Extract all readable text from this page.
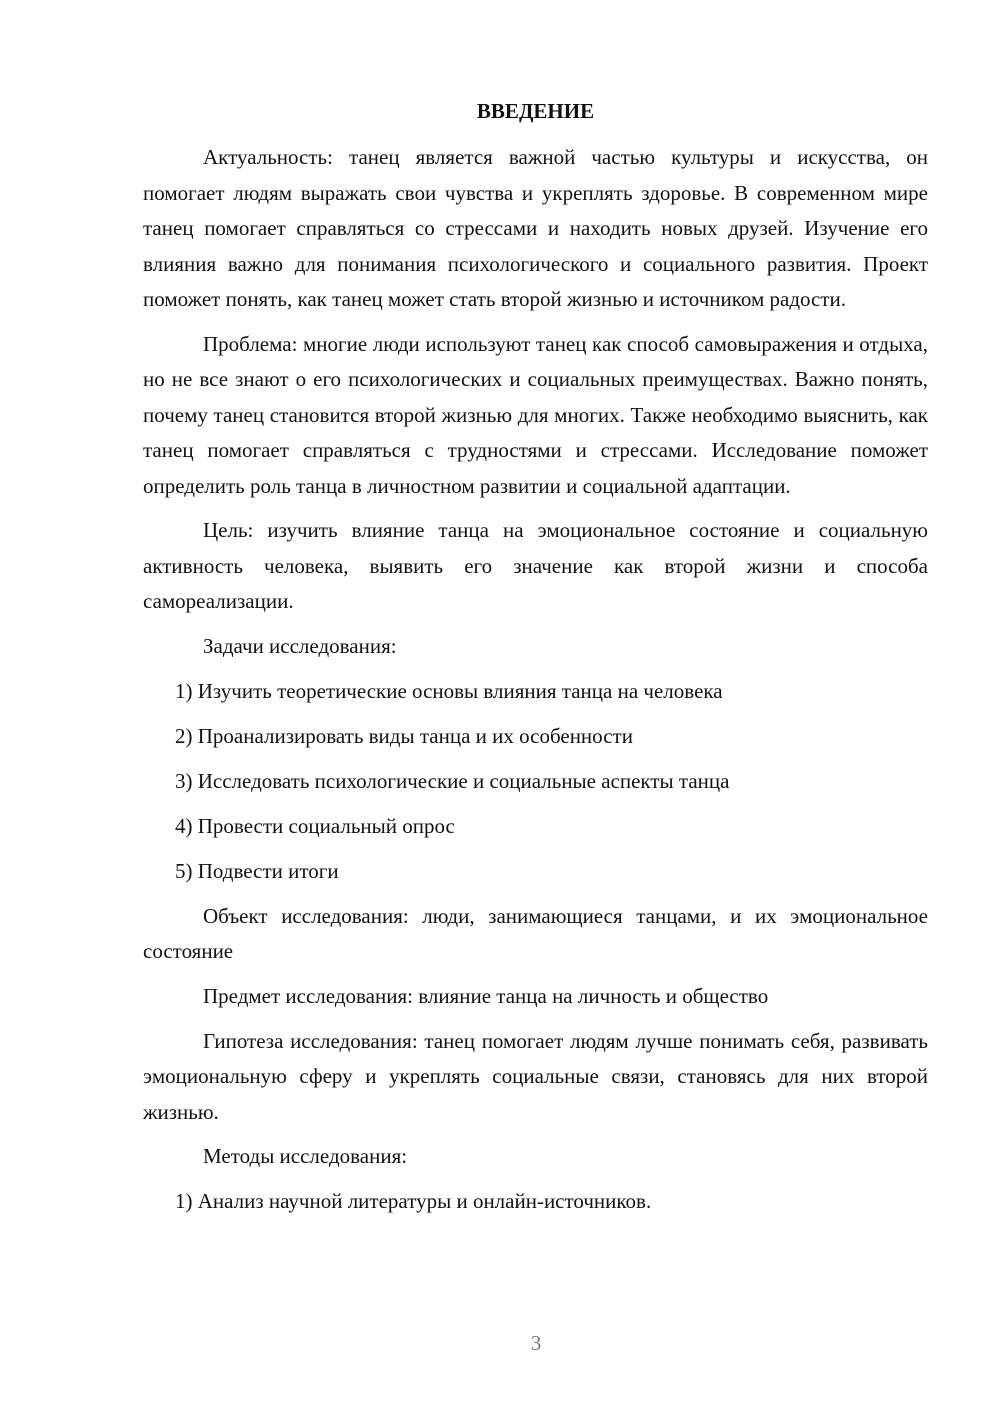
ВВЕДЕНИЕ

Актуальность: танец является важной частью культуры и искусства, он помогает людям выражать свои чувства и укреплять здоровье. В современном мире танец помогает справляться со стрессами и находить новых друзей. Изучение его влияния важно для понимания психологического и социального развития. Проект поможет понять, как танец может стать второй жизнью и источником радости.

Проблема: многие люди используют танец как способ самовыражения и отдыха, но не все знают о его психологических и социальных преимуществах. Важно понять, почему танец становится второй жизнью для многих. Также необходимо выяснить, как танец помогает справляться с трудностями и стрессами. Исследование поможет определить роль танца в личностном развитии и социальной адаптации.

Цель: изучить влияние танца на эмоциональное состояние и социальную активность человека, выявить его значение как второй жизни и способа самореализации.

Задачи исследования:

1) Изучить теоретические основы влияния танца на человека

2) Проанализировать виды танца и их особенности

3) Исследовать психологические и социальные аспекты танца

4) Провести социальный опрос

5) Подвести итоги

Объект исследования: люди, занимающиеся танцами, и их эмоциональное состояние

Предмет исследования: влияние танца на личность и общество

Гипотеза исследования: танец помогает людям лучше понимать себя, развивать эмоциональную сферу и укреплять социальные связи, становясь для них второй жизнью.

Методы исследования:

1) Анализ научной литературы и онлайн-источников.

3
